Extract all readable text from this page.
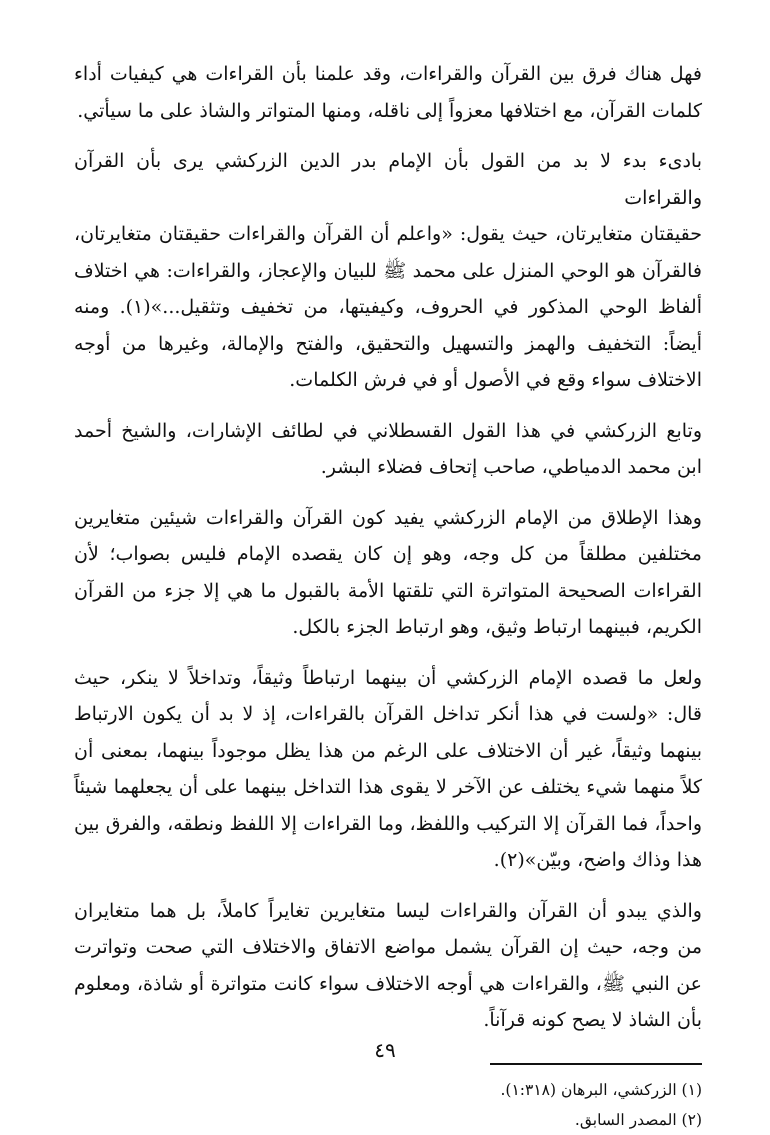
فهل هناك فرق بين القرآن والقراءات، وقد علمنا بأن القراءات هي كيفيات أداء
كلمات القرآن، مع اختلافها معزواً إلى ناقله، ومنها المتواتر والشاذ على ما سيأتي.

بادىء بدء لا بد من القول بأن الإمام بدر الدين الزركشي يرى بأن القرآن والقراءات
حقيقتان متغايرتان، حيث يقول: «واعلم أن القرآن والقراءات حقيقتان متغايرتان،
فالقرآن هو الوحي المنزل على محمد ﷺ للبيان والإعجاز، والقراءات: هي اختلاف
ألفاظ الوحي المذكور في الحروف، وكيفيتها، من تخفيف وتثقيل...»(١). ومنه
أيضاً: التخفيف والهمز والتسهيل والتحقيق، والفتح والإمالة، وغيرها من أوجه
الاختلاف سواء وقع في الأصول أو في فرش الكلمات.

وتابع الزركشي في هذا القول القسطلاني في لطائف الإشارات، والشيخ أحمد
ابن محمد الدمياطي، صاحب إتحاف فضلاء البشر.

وهذا الإطلاق من الإمام الزركشي يفيد كون القرآن والقراءات شيئين متغايرين
مختلفين مطلقاً من كل وجه، وهو إن كان يقصده الإمام فليس بصواب؛ لأن
القراءات الصحيحة المتواترة التي تلقتها الأمة بالقبول ما هي إلا جزء من القرآن
الكريم، فبينهما ارتباط وثيق، وهو ارتباط الجزء بالكل.

ولعل ما قصده الإمام الزركشي أن بينهما ارتباطاً وثيقاً، وتداخلاً لا ينكر، حيث
قال: «ولست في هذا أنكر تداخل القرآن بالقراءات، إذ لا بد أن يكون الارتباط
بينهما وثيقاً، غير أن الاختلاف على الرغم من هذا يظل موجوداً بينهما، بمعنى أن
كلاً منهما شيء يختلف عن الآخر لا يقوى هذا التداخل بينهما على أن يجعلهما شيئاً
واحداً، فما القرآن إلا التركيب واللفظ، وما القراءات إلا اللفظ ونطقه، والفرق بين
هذا وذاك واضح، وبيّن»(٢).

والذي يبدو أن القرآن والقراءات ليسا متغايرين تغايراً كاملاً، بل هما متغايران
من وجه، حيث إن القرآن يشمل مواضع الاتفاق والاختلاف التي صحت وتواترت
عن النبي ﷺ، والقراءات هي أوجه الاختلاف سواء كانت متواترة أو شاذة، ومعلوم
بأن الشاذ لا يصح كونه قرآناً.

(١) الزركشي، البرهان (١:٣١٨).

(٢) المصدر السابق.

٤٩
